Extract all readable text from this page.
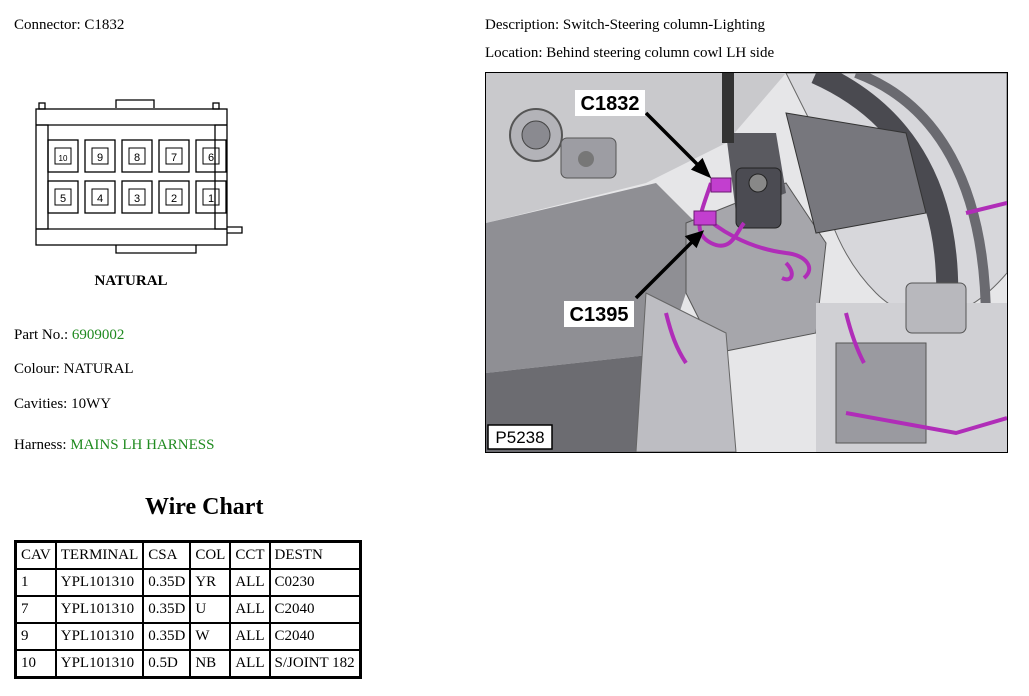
Connector: C1832
10	9	8	7	6
5	4	3	2	1
NATURAL
Part No.: 6909002
Colour: NATURAL
Cavities: 10WY
Harness: MAINS LH HARNESS
Wire Chart
CAV	TERMINAL	CSA	COL	CCT	DESTN
1	YPL101310	0.35D	YR	ALL	C0230
7	YPL101310	0.35D	U	ALL	C2040
9	YPL101310	0.35D	W	ALL	C2040
10	YPL101310	0.5D	NB	ALL	S/JOINT 182
Description: Switch-Steering column-Lighting
Location: Behind steering column cowl LH side
C1832
C1395
P5238
